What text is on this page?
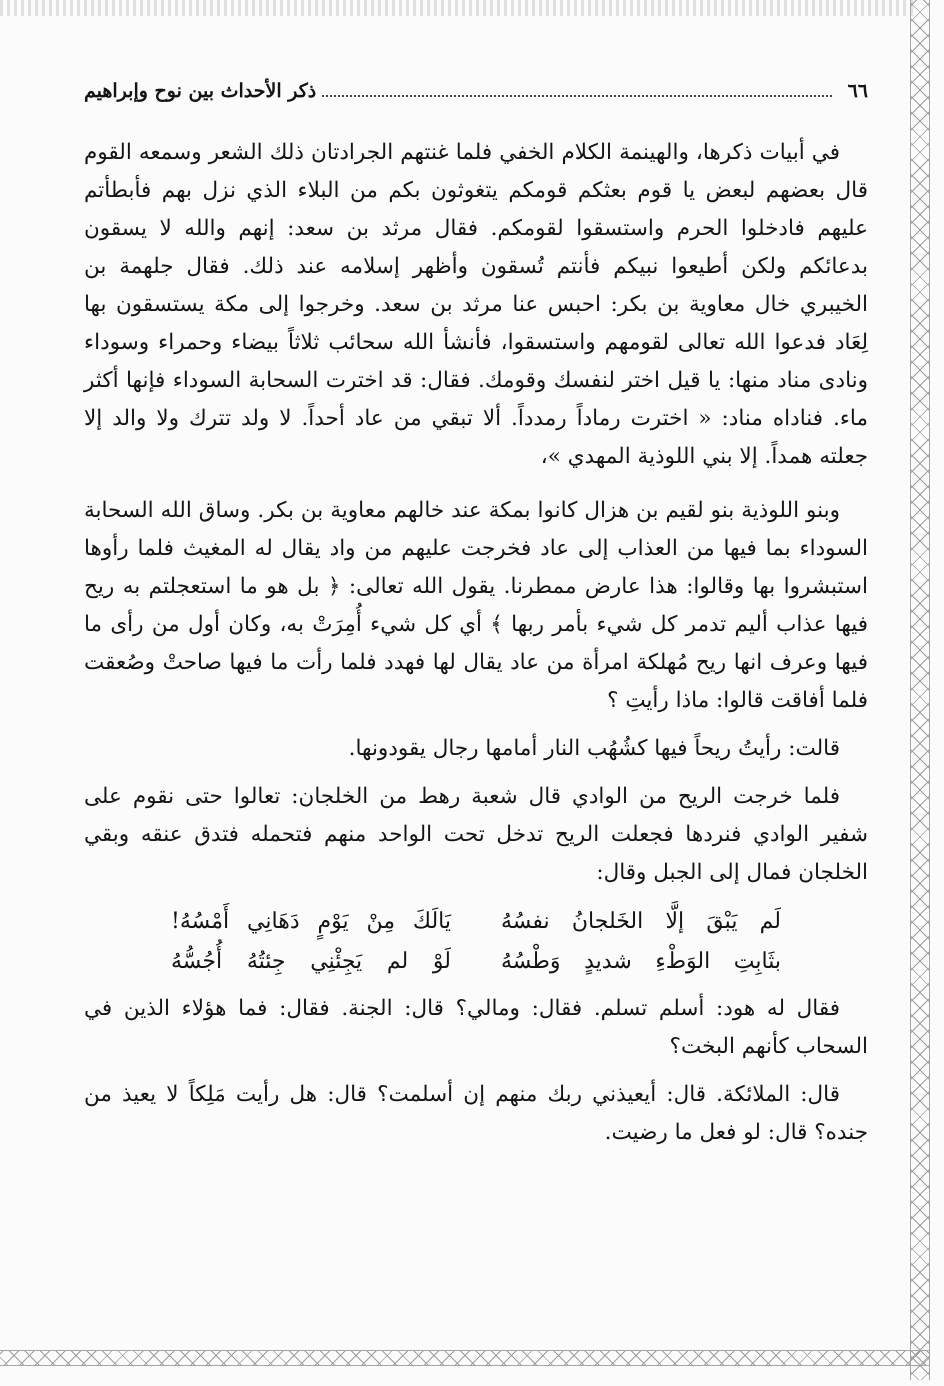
٦٦
ذكر الأحداث بين نوح وإبراهيم

في أبيات ذكرها، والهينمة الكلام الخفي فلما غنتهم الجرادتان ذلك الشعر وسمعه القوم قال بعضهم لبعض يا قوم بعثكم قومكم يتغوثون بكم من البلاء الذي نزل بهم فأبطأتم عليهم فادخلوا الحرم واستسقوا لقومكم. فقال مرثد بن سعد: إنهم والله لا يسقون بدعائكم ولكن أطيعوا نبيكم فأنتم تُسقون وأظهر إسلامه عند ذلك. فقال جلهمة بن الخيبري خال معاوية بن بكر: احبس عنا مرثد بن سعد. وخرجوا إلى مكة يستسقون بها لِعَاد فدعوا الله تعالى لقومهم واستسقوا، فأنشأ الله سحائب ثلاثاً بيضاء وحمراء وسوداء ونادى مناد منها: يا قيل اختر لنفسك وقومك. فقال: قد اخترت السحابة السوداء فإنها أكثر ماء. فناداه مناد: « اخترت رماداً رمدداً. ألا تبقي من عاد أحداً. لا ولد تترك ولا والد إلا جعلته همداً. إلا بني اللوذية المهدي »،

وبنو اللوذية بنو لقيم بن هزال كانوا بمكة عند خالهم معاوية بن بكر. وساق الله السحابة السوداء بما فيها من العذاب إلى عاد فخرجت عليهم من واد يقال له المغيث فلما رأوها استبشروا بها وقالوا: هذا عارض ممطرنا. يقول الله تعالى: ﴿ بل هو ما استعجلتم به ريح فيها عذاب أليم تدمر كل شيء بأمر ربها ﴾ أي كل شيء أُمِرَتْ به، وكان أول من رأى ما فيها وعرف انها ريح مُهلكة امرأة من عاد يقال لها فهدد فلما رأت ما فيها صاحتْ وصُعقت فلما أفاقت قالوا: ماذا رأيتِ ؟

قالت: رأيتُ ريحاً فيها كشُهُب النار أمامها رجال يقودونها.

فلما خرجت الريح من الوادي قال شعبة رهط من الخلجان: تعالوا حتى نقوم على شفير الوادي فنردها فجعلت الريح تدخل تحت الواحد منهم فتحمله فتدق عنقه وبقي الخلجان فمال إلى الجبل وقال:

لَم يَبْقَ إلَّا الخَلجانُ نفسُهُ
يَالَكَ مِنْ يَوْمٍ دَهَانِي أَمْسُهُ!
بثَابِتِ الوَطْءِ شديدٍ وَطْسُهُ
لَوْ لم يَجِئْنِي جِئتُهُ أُجُسُّهُ

فقال له هود: أسلم تسلم. فقال: ومالي؟ قال: الجنة. فقال: فما هؤلاء الذين في السحاب كأنهم البخت؟

قال: الملائكة. قال: أيعيذني ربك منهم إن أسلمت؟ قال: هل رأيت مَلِكاً لا يعيذ من جنده؟ قال: لو فعل ما رضيت.
